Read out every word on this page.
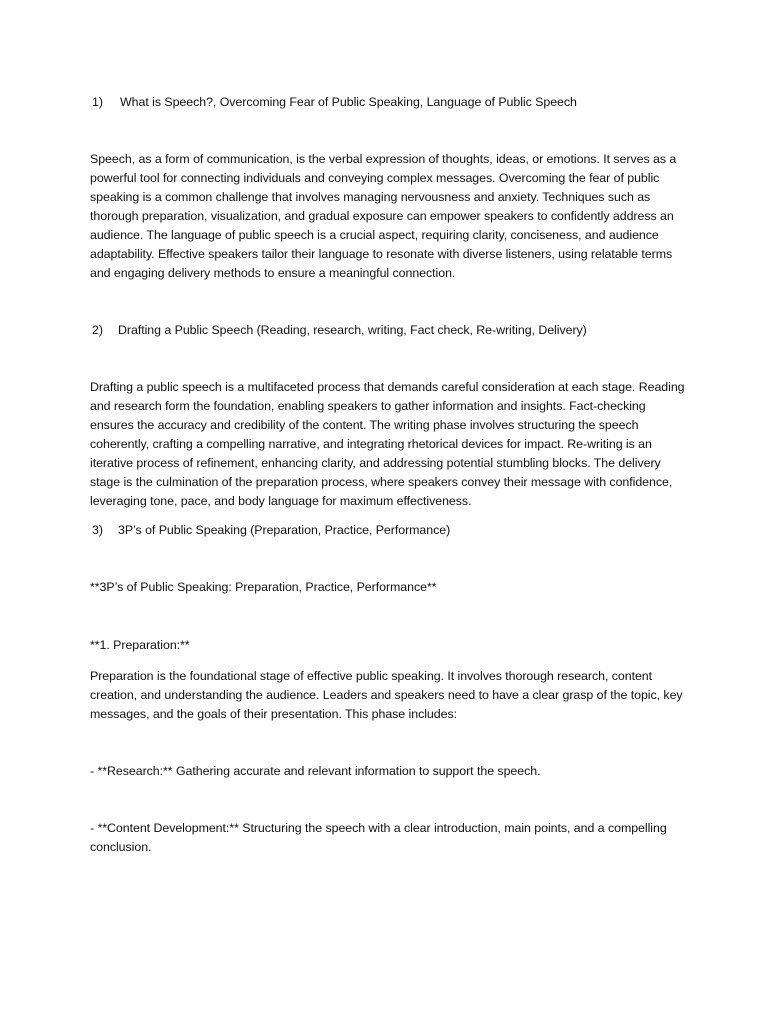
1) What is Speech?, Overcoming Fear of Public Speaking, Language of Public Speech

Speech, as a form of communication, is the verbal expression of thoughts, ideas, or emotions. It serves as a powerful tool for connecting individuals and conveying complex messages. Overcoming the fear of public speaking is a common challenge that involves managing nervousness and anxiety. Techniques such as thorough preparation, visualization, and gradual exposure can empower speakers to confidently address an audience. The language of public speech is a crucial aspect, requiring clarity, conciseness, and audience adaptability. Effective speakers tailor their language to resonate with diverse listeners, using relatable terms and engaging delivery methods to ensure a meaningful connection.

2) Drafting a Public Speech (Reading, research, writing, Fact check, Re-writing, Delivery)

Drafting a public speech is a multifaceted process that demands careful consideration at each stage. Reading and research form the foundation, enabling speakers to gather information and insights. Fact-checking ensures the accuracy and credibility of the content. The writing phase involves structuring the speech coherently, crafting a compelling narrative, and integrating rhetorical devices for impact. Re-writing is an iterative process of refinement, enhancing clarity, and addressing potential stumbling blocks. The delivery stage is the culmination of the preparation process, where speakers convey their message with confidence, leveraging tone, pace, and body language for maximum effectiveness.

3) 3P’s of Public Speaking (Preparation, Practice, Performance)

**3P’s of Public Speaking: Preparation, Practice, Performance**

**1. Preparation:**

Preparation is the foundational stage of effective public speaking. It involves thorough research, content creation, and understanding the audience. Leaders and speakers need to have a clear grasp of the topic, key messages, and the goals of their presentation. This phase includes:

- **Research:** Gathering accurate and relevant information to support the speech.

- **Content Development:** Structuring the speech with a clear introduction, main points, and a compelling conclusion.
